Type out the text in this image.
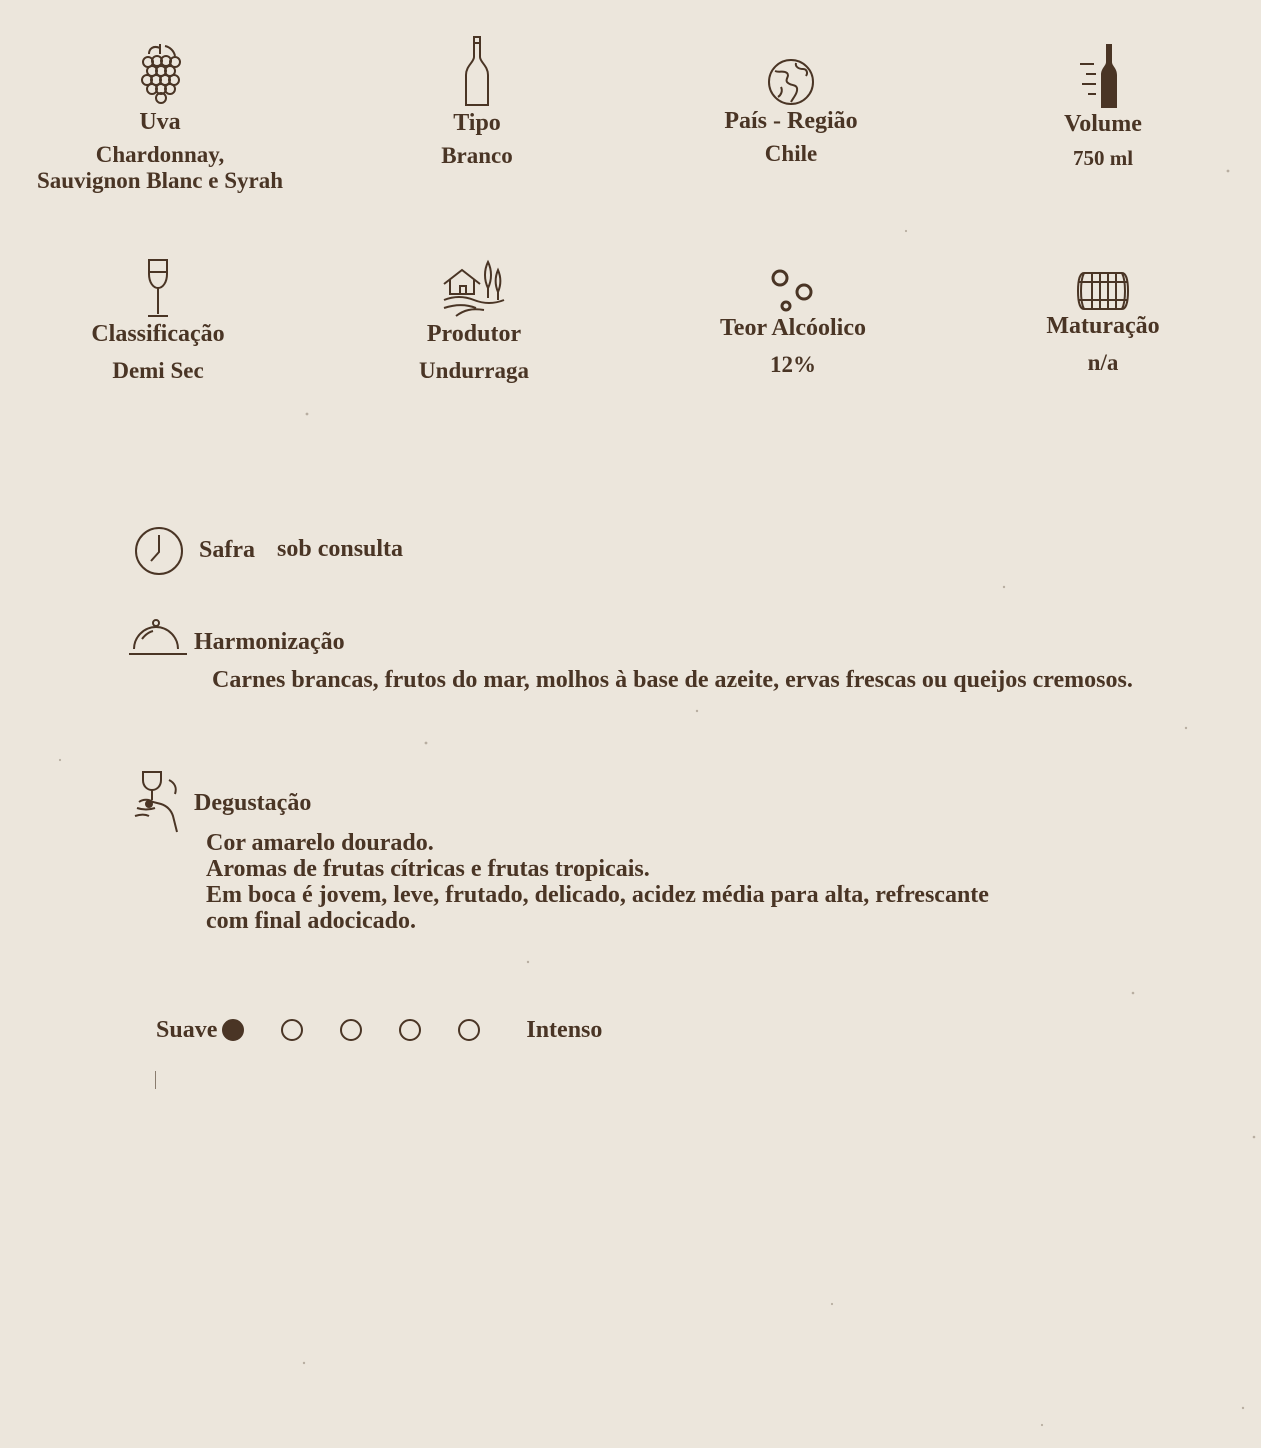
Uva
Chardonnay,
Sauvignon Blanc e Syrah
Tipo
Branco
País - Região
Chile
Volume
750 ml
Classificação
Demi Sec
Produtor
Undurraga
Teor Alcóolico
12%
Maturação
n/a
Safra sob consulta
Harmonização
Carnes brancas, frutos do mar, molhos à base de azeite, ervas frescas ou queijos cremosos.
Degustação
Cor amarelo dourado.
Aromas de frutas cítricas e frutas tropicais.
Em boca é jovem, leve, frutado, delicado, acidez média para alta, refrescante
com final adocicado.
Suave	Intenso
